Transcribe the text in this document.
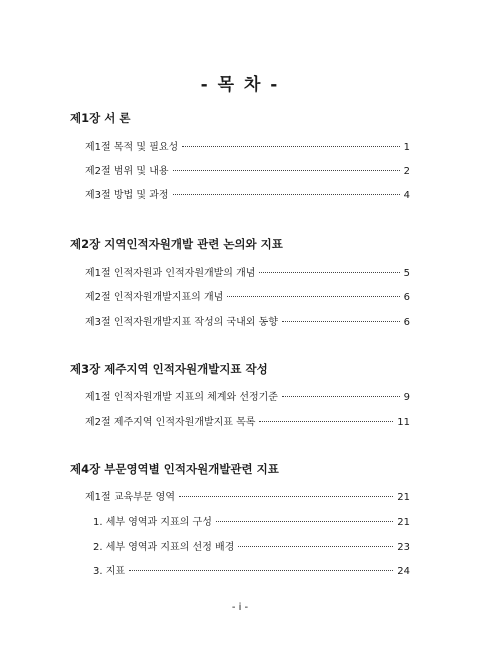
- 목 차 -
제1장 서 론
제1절 목적 및 필요성	1
제2절 범위 및 내용	2
제3절 방법 및 과정	4
제2장 지역인적자원개발 관련 논의와 지표
제1절 인적자원과 인적자원개발의 개념	5
제2절 인적자원개발지표의 개념	6
제3절 인적자원개발지표 작성의 국내외 동향	6
제3장 제주지역 인적자원개발지표 작성
제1절 인적자원개발 지표의 체계와 선정기준	9
제2절 제주지역 인적자원개발지표 목록	11
제4장 부문영역별 인적자원개발관련 지표
제1절 교육부문 영역	21
1. 세부 영역과 지표의 구성	21
2. 세부 영역과 지표의 선정 배경	23
3. 지표	24
- i -
